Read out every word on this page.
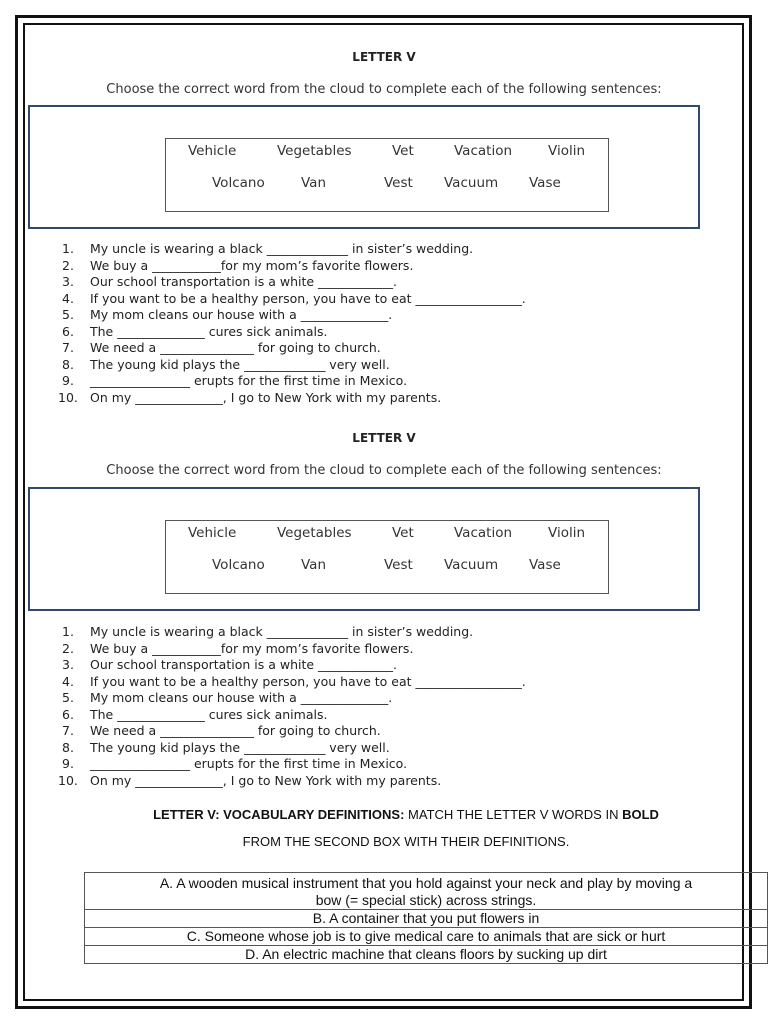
LETTER V
Choose the correct word from the cloud to complete each of the following sentences:
Vehicle	Vegetables	Vet	Vacation	Violin
Volcano	Van	Vest Vacuum Vase
1.	My uncle is wearing a black _____________ in sister’s wedding.
2.	We buy a ___________for my mom’s favorite flowers.
3.	Our school transportation is a white ____________.
4.	If you want to be a healthy person, you have to eat _________________.
5.	My mom cleans our house with a ______________.
6.	The ______________ cures sick animals.
7.	We need a _______________ for going to church.
8.	The young kid plays the _____________ very well.
9.	________________ erupts for the first time in Mexico.
10. On my ______________, I go to New York with my parents.
LETTER V
Choose the correct word from the cloud to complete each of the following sentences:
Vehicle	Vegetables	Vet	Vacation	Violin
Volcano	Van	Vest Vacuum Vase
1.	My uncle is wearing a black _____________ in sister’s wedding.
2.	We buy a ___________for my mom’s favorite flowers.
3.	Our school transportation is a white ____________.
4.	If you want to be a healthy person, you have to eat _________________.
5.	My mom cleans our house with a ______________.
6.	The ______________ cures sick animals.
7.	We need a _______________ for going to church.
8.	The young kid plays the _____________ very well.
9.	________________ erupts for the first time in Mexico.
10. On my ______________, I go to New York with my parents.
LETTER V: VOCABULARY DEFINITIONS: MATCH THE LETTER V WORDS IN BOLD
FROM THE SECOND BOX WITH THEIR DEFINITIONS.
A. A wooden musical instrument that you hold against your neck and play by moving a
bow (= special stick) across strings.

B. A container that you put flowers in
C. Someone whose job is to give medical care to animals that are sick or hurt
D. An electric machine that cleans floors by sucking up dirt
